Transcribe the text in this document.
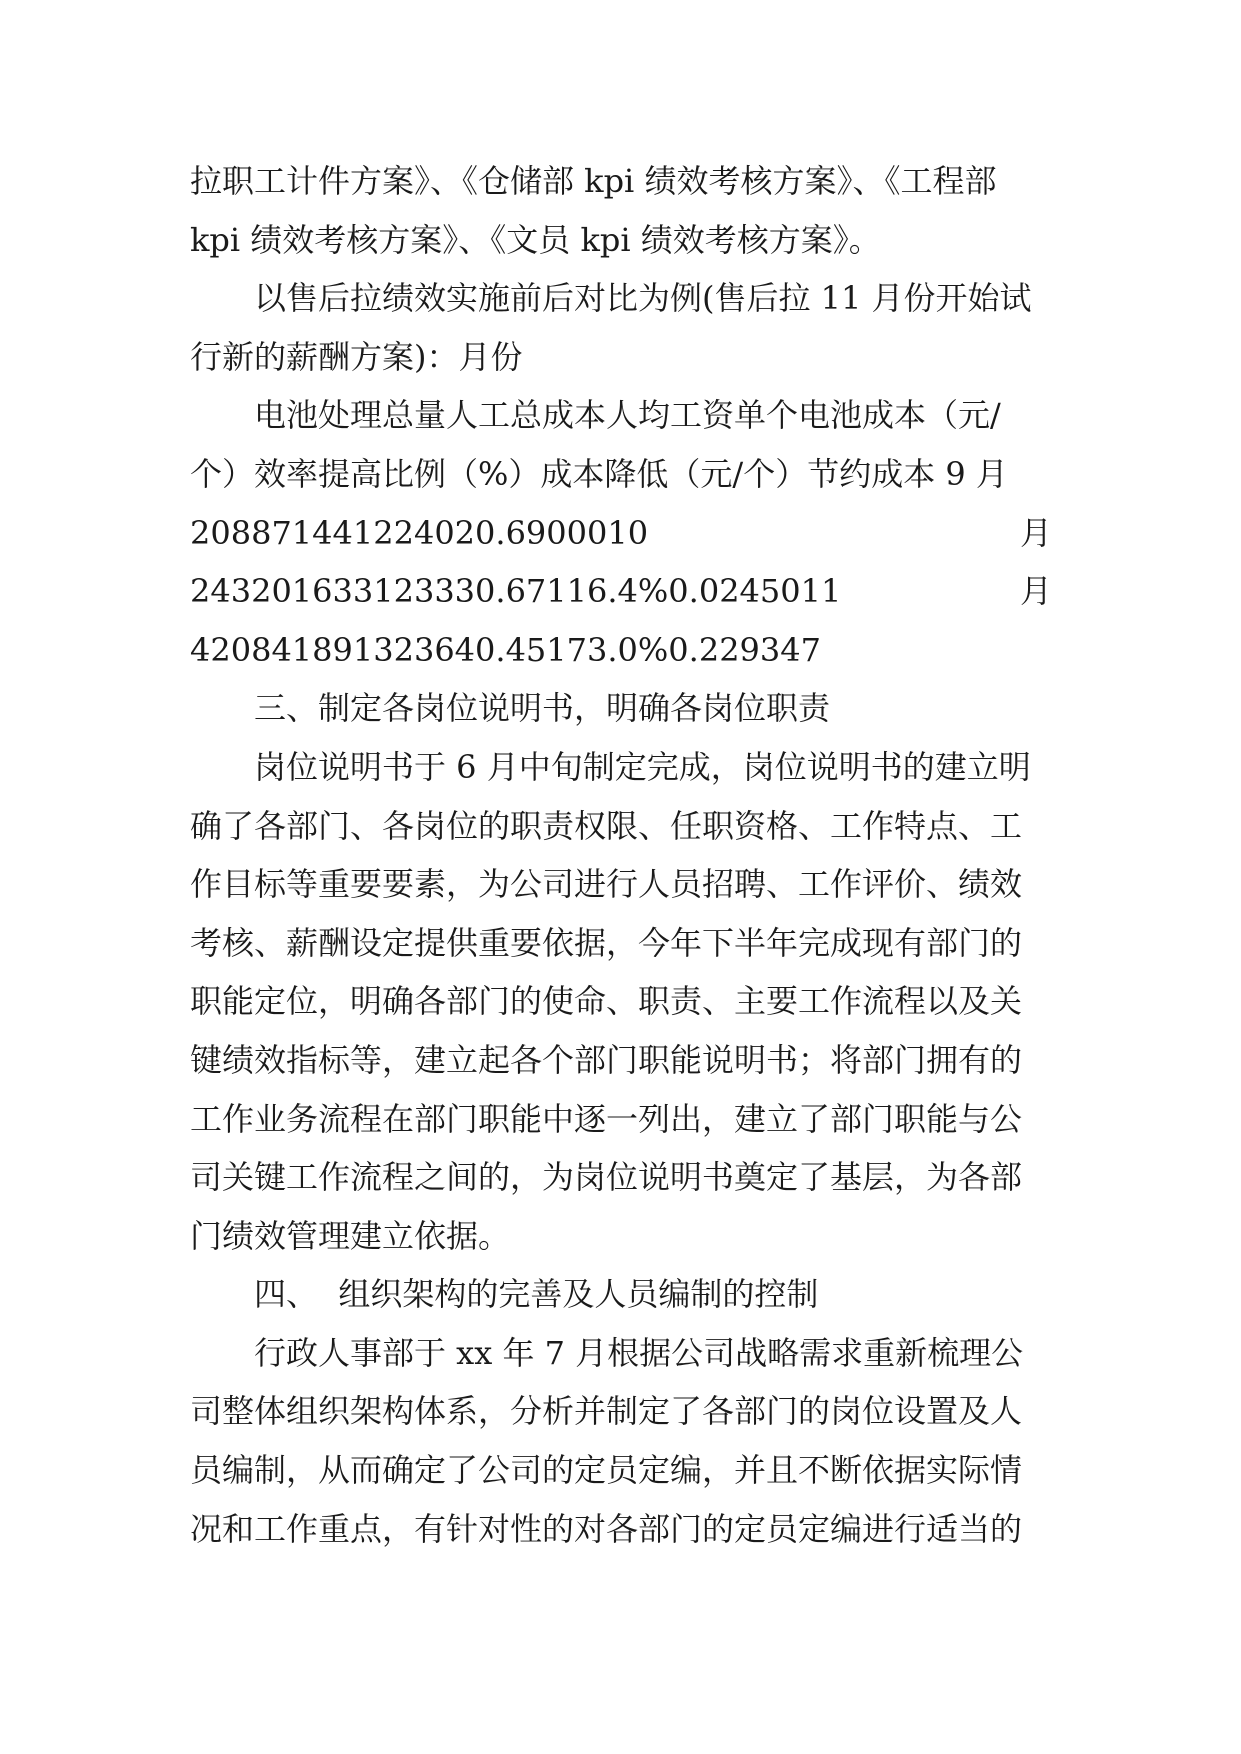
拉职工计件方案》、《仓储部 kpi 绩效考核方案》、《工程部
kpi 绩效考核方案》、《文员 kpi 绩效考核方案》。
以售后拉绩效实施前后对比为例(售后拉 11 月份开始试
行新的薪酬方案)：月份
电池处理总量人工总成本人均工资单个电池成本（元/
个）效率提高比例（%）成本降低（元/个）节约成本 9 月
208871441224020.6900010	月
243201633123330.67116.4%0.0245011	月
420841891323640.45173.0%0.229347
三、制定各岗位说明书，明确各岗位职责
岗位说明书于 6 月中旬制定完成，岗位说明书的建立明
确了各部门、各岗位的职责权限、任职资格、工作特点、工
作目标等重要要素，为公司进行人员招聘、工作评价、绩效
考核、薪酬设定提供重要依据，今年下半年完成现有部门的
职能定位，明确各部门的使命、职责、主要工作流程以及关
键绩效指标等，建立起各个部门职能说明书；将部门拥有的
工作业务流程在部门职能中逐一列出，建立了部门职能与公
司关键工作流程之间的，为岗位说明书奠定了基层，为各部
门绩效管理建立依据。
四、  组织架构的完善及人员编制的控制
行政人事部于 xx 年 7 月根据公司战略需求重新梳理公
司整体组织架构体系，分析并制定了各部门的岗位设置及人
员编制，从而确定了公司的定员定编，并且不断依据实际情
况和工作重点，有针对性的对各部门的定员定编进行适当的
